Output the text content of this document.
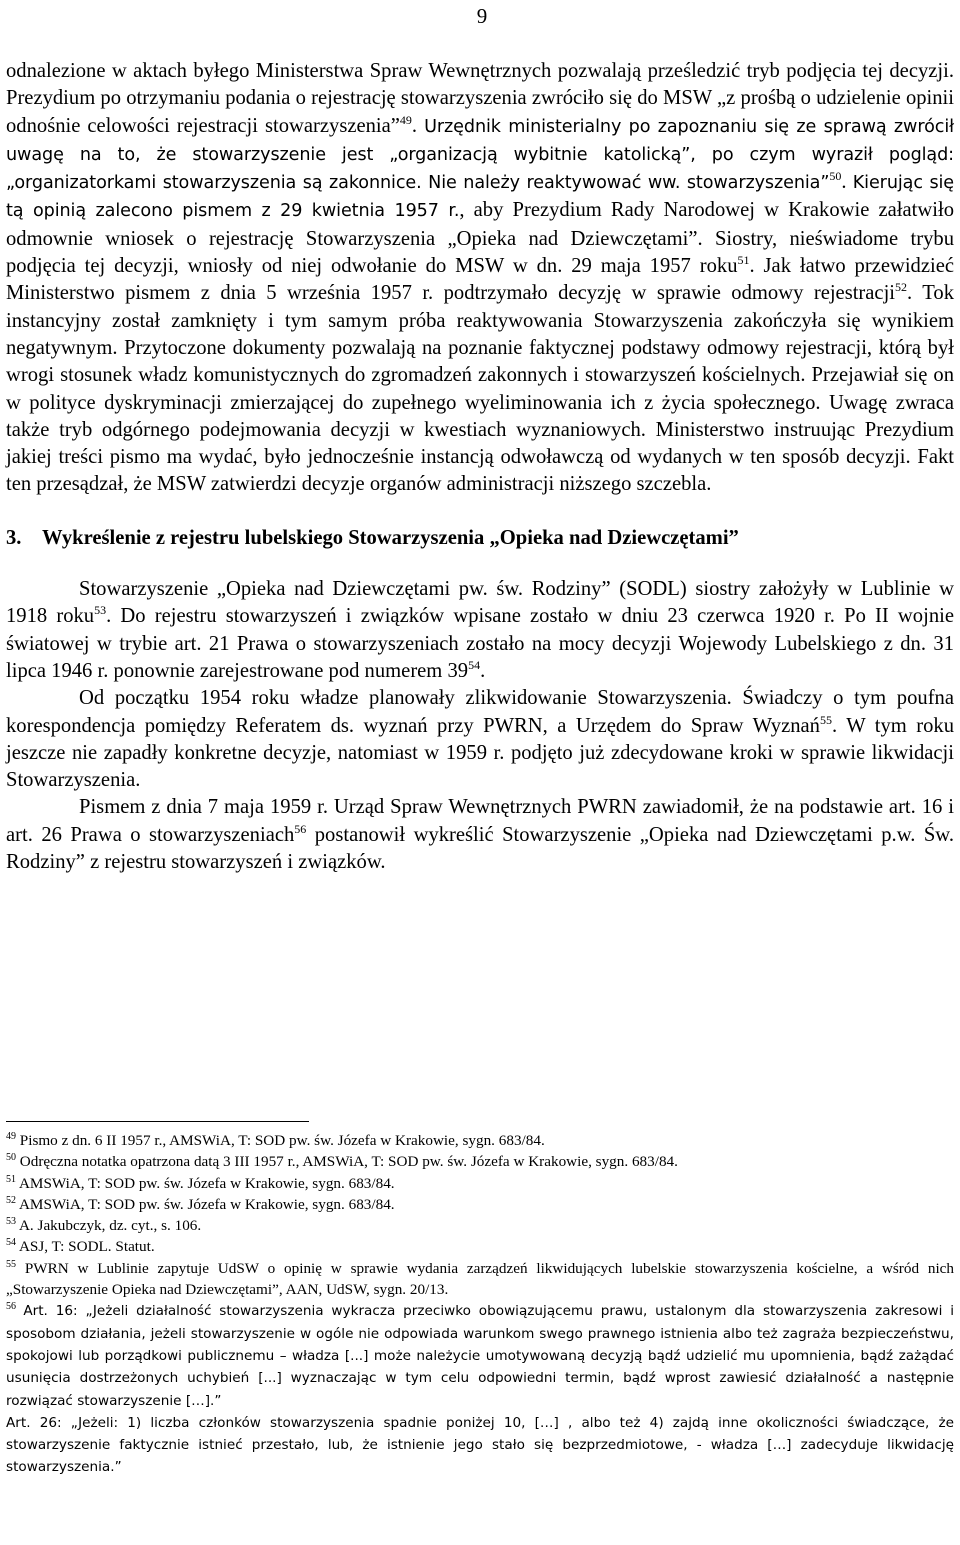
9

odnalezione w aktach byłego Ministerstwa Spraw Wewnętrznych pozwalają prześledzić tryb podjęcia tej decyzji. Prezydium po otrzymaniu podania o rejestrację stowarzyszenia zwróciło się do MSW „z prośbą o udzielenie opinii odnośnie celowości rejestracji stowarzyszenia”$^{49}$. Urzędnik ministerialny po zapoznaniu się ze sprawą zwrócił uwagę na to, że stowarzyszenie jest „organizacją wybitnie katolicką”, po czym wyraził pogląd: „organizatorkami stowarzyszenia są zakonnice. Nie należy reaktywować ww. stowarzyszenia”$^{50}$. Kierując się tą opinią zalecono pismem z 29 kwietnia 1957 r., aby Prezydium Rady Narodowej w Krakowie załatwiło odmownie wniosek o rejestrację Stowarzyszenia „Opieka nad Dziewczętami”. Siostry, nieświadome trybu podjęcia tej decyzji, wniosły od niej odwołanie do MSW w dn. 29 maja 1957 roku$^{51}$. Jak łatwo przewidzieć Ministerstwo pismem z dnia 5 września 1957 r. podtrzymało decyzję w sprawie odmowy rejestracji$^{52}$. Tok instancyjny został zamknięty i tym samym próba reaktywowania Stowarzyszenia zakończyła się wynikiem negatywnym. Przytoczone dokumenty pozwalają na poznanie faktycznej podstawy odmowy rejestracji, którą był wrogi stosunek władz komunistycznych do zgromadzeń zakonnych i stowarzyszeń kościelnych. Przejawiał się on w polityce dyskryminacji zmierzającej do zupełnego wyeliminowania ich z życia społecznego. Uwagę zwraca także tryb odgórnego podejmowania decyzji w kwestiach wyznaniowych. Ministerstwo instruując Prezydium jakiej treści pismo ma wydać, było jednocześnie instancją odwoławczą od wydanych w ten sposób decyzji. Fakt ten przesądzał, że MSW zatwierdzi decyzje organów administracji niższego szczebla.

3. Wykreślenie z rejestru lubelskiego Stowarzyszenia „Opieka nad Dziewczętami”

Stowarzyszenie „Opieka nad Dziewczętami pw. św. Rodziny” (SODL) siostry założyły w Lublinie w 1918 roku$^{53}$. Do rejestru stowarzyszeń i związków wpisane zostało w dniu 23 czerwca 1920 r. Po II wojnie światowej w trybie art. 21 Prawa o stowarzyszeniach zostało na mocy decyzji Wojewody Lubelskiego z dn. 31 lipca 1946 r. ponownie zarejestrowane pod numerem $39^{54}$.

Od początku 1954 roku władze planowały zlikwidowanie Stowarzyszenia. Świadczy o tym poufna korespondencja pomiędzy Referatem ds. wyznań przy PWRN, a Urzędem do Spraw Wyznań$^{55}$. W tym roku jeszcze nie zapadły konkretne decyzje, natomiast w 1959 r. podjęto już zdecydowane kroki w sprawie likwidacji Stowarzyszenia.

Pismem z dnia 7 maja 1959 r. Urząd Spraw Wewnętrznych PWRN zawiadomił, że na podstawie art. 16 i art. 26 Prawa o stowarzyszeniach$^{56}$ postanowił wykreślić Stowarzyszenie „Opieka nad Dziewczętami p.w. Św. Rodziny” z rejestru stowarzyszeń i związków.

$^{49}$ Pismo z dn. 6 II 1957 r., AMSWiA, T: SOD pw. św. Józefa w Krakowie, sygn. 683/84.

$^{50}$ Odręczna notatka opatrzona datą 3 III 1957 r., AMSWiA, T: SOD pw. św. Józefa w Krakowie, sygn. 683/84.

$^{51}$ AMSWiA, T: SOD pw. św. Józefa w Krakowie, sygn. 683/84.

$^{52}$ AMSWiA, T: SOD pw. św. Józefa w Krakowie, sygn. 683/84.

$^{53}$ A. Jakubczyk, dz. cyt., s. 106.

$^{54}$ ASJ, T: SODL. Statut.

$^{55}$ PWRN w Lublinie zapytuje UdSW o opinię w sprawie wydania zarządzeń likwidujących lubelskie stowarzyszenia kościelne, a wśród nich „Stowarzyszenie Opieka nad Dziewczętami”, AAN, UdSW, sygn. 20/13.

$^{56}$ Art. 16: „Jeżeli działalność stowarzyszenia wykracza przeciwko obowiązującemu prawu, ustalonym dla stowarzyszenia zakresowi i sposobom działania, jeżeli stowarzyszenie w ogóle nie odpowiada warunkom swego prawnego istnienia albo też zagraża bezpieczeństwu, spokojowi lub porządkowi publicznemu – władza [...] może należycie umotywowaną decyzją bądź udzielić mu upomnienia, bądź zażądać usunięcia dostrzeżonych uchybień [...] wyznaczając w tym celu odpowiedni termin, bądź wprost zawiesić działalność a następnie rozwiązać stowarzyszenie […].”

Art. 26: „Jeżeli: 1) liczba członków stowarzyszenia spadnie poniżej 10, […] , albo też 4) zajdą inne okoliczności świadczące, że stowarzyszenie faktycznie istnieć przestało, lub, że istnienie jego stało się bezprzedmiotowe, - władza […] zadecyduje likwidację stowarzyszenia.”
